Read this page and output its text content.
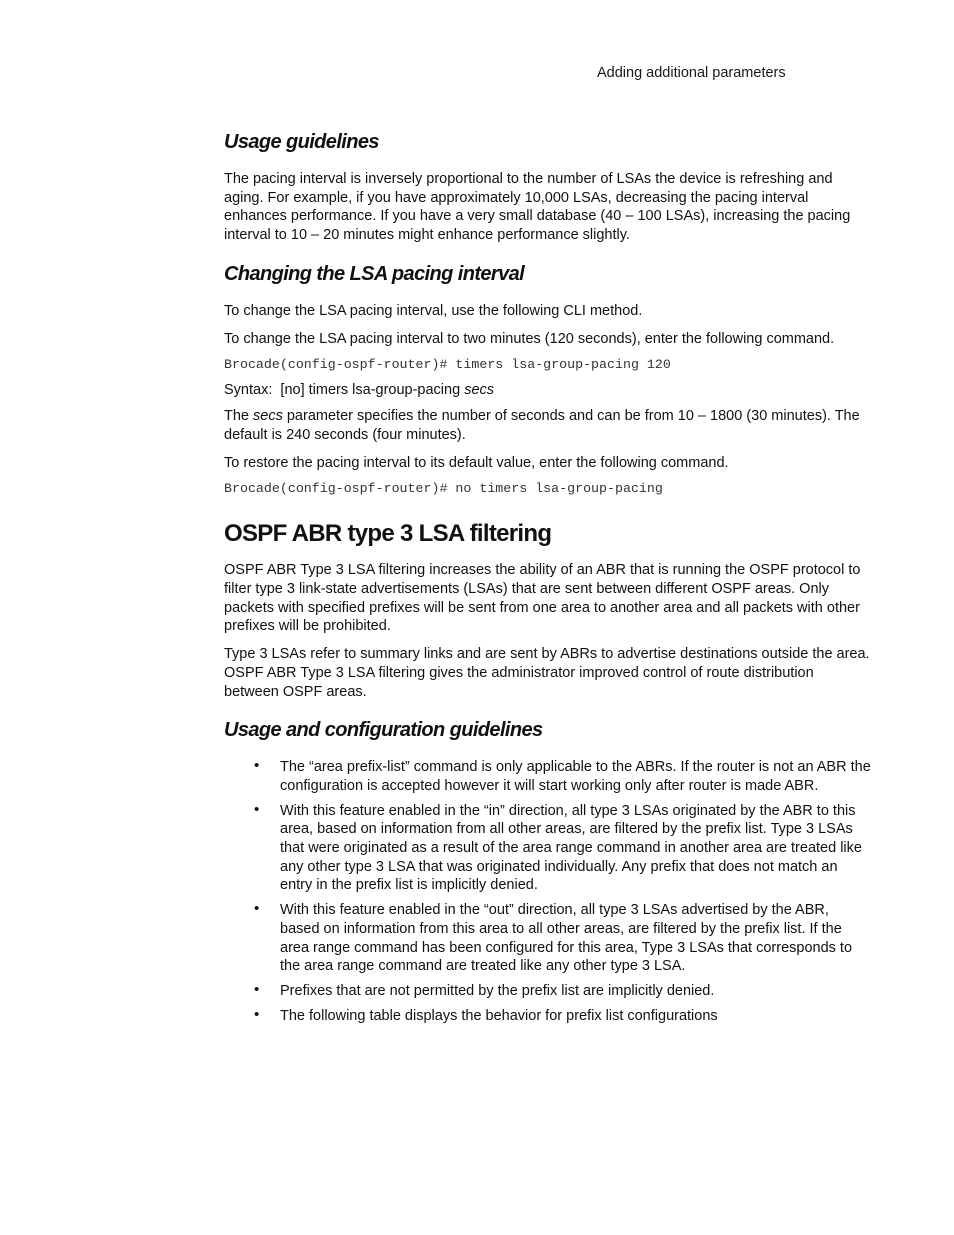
Adding additional parameters
Usage guidelines

The pacing interval is inversely proportional to the number of LSAs the device is refreshing and aging. For example, if you have approximately 10,000 LSAs, decreasing the pacing interval enhances performance. If you have a very small database (40 – 100 LSAs), increasing the pacing interval to 10 – 20 minutes might enhance performance slightly.

Changing the LSA pacing interval

To change the LSA pacing interval, use the following CLI method.

To change the LSA pacing interval to two minutes (120 seconds), enter the following command.

Brocade(config-ospf-router)# timers lsa-group-pacing 120
Syntax: [no] timers lsa-group-pacing secs

The secs parameter specifies the number of seconds and can be from 10 – 1800 (30 minutes). The default is 240 seconds (four minutes).

To restore the pacing interval to its default value, enter the following command.

Brocade(config-ospf-router)# no timers lsa-group-pacing
OSPF ABR type 3 LSA filtering

OSPF ABR Type 3 LSA filtering increases the ability of an ABR that is running the OSPF protocol to filter type 3 link-state advertisements (LSAs) that are sent between different OSPF areas. Only packets with specified prefixes will be sent from one area to another area and all packets with other prefixes will be prohibited.

Type 3 LSAs refer to summary links and are sent by ABRs to advertise destinations outside the area. OSPF ABR Type 3 LSA filtering gives the administrator improved control of route distribution between OSPF areas.

Usage and configuration guidelines
• The “area prefix-list” command is only applicable to the ABRs. If the router is not an ABR the configuration is accepted however it will start working only after router is made ABR.
• With this feature enabled in the “in” direction, all type 3 LSAs originated by the ABR to this area, based on information from all other areas, are filtered by the prefix list. Type 3 LSAs that were originated as a result of the area range command in another area are treated like any other type 3 LSA that was originated individually. Any prefix that does not match an entry in the prefix list is implicitly denied.
• With this feature enabled in the “out” direction, all type 3 LSAs advertised by the ABR, based on information from this area to all other areas, are filtered by the prefix list. If the area range command has been configured for this area, Type 3 LSAs that corresponds to the area range command are treated like any other type 3 LSA.
• Prefixes that are not permitted by the prefix list are implicitly denied.
• The following table displays the behavior for prefix list configurations
